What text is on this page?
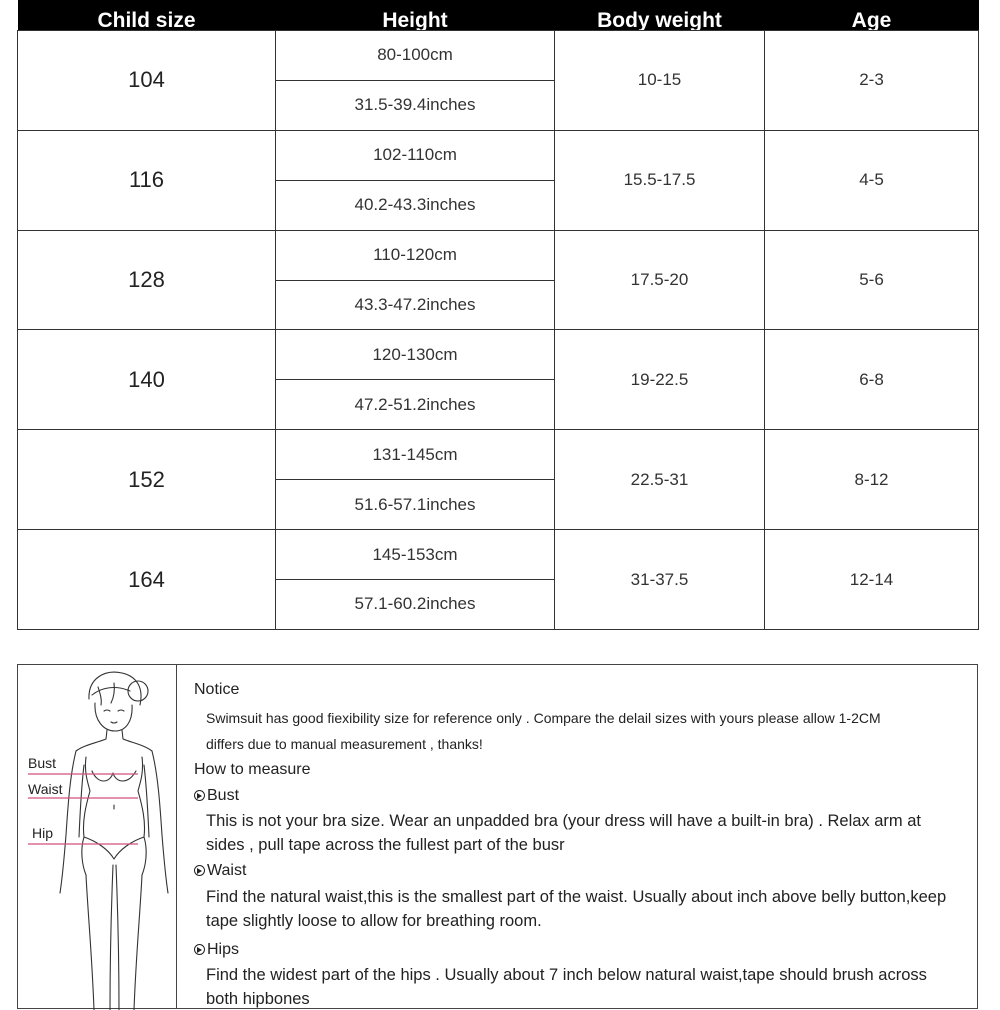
Child size	Height	Body weight	Age
104	80-100cm	10-15	2-3
	31.5-39.4inches		
116	102-110cm	15.5-17.5	4-5
	40.2-43.3inches		
128	110-120cm	17.5-20	5-6
	43.3-47.2inches		
140	120-130cm	19-22.5	6-8
	47.2-51.2inches		
152	131-145cm	22.5-31	8-12
	51.6-57.1inches		
164	145-153cm	31-37.5	12-14
	57.1-60.2inches		
Bust
Waist
Hip
Notice
Swimsuit has good fiexibility size for reference only . Compare the delail sizes with yours please allow 1-2CM
differs due to manual measurement , thanks!
How to measure
Bust
This is not your bra size. Wear an unpadded bra (your dress will have a built-in bra) . Relax arm at
sides , pull tape across the fullest part of the busr
Waist
Find the natural waist,this is the smallest part of the waist. Usually about inch above belly button,keep
tape slightly loose to allow for breathing room.
Hips
Find the widest part of the hips . Usually about 7 inch below natural waist,tape should brush across
both hipbones
